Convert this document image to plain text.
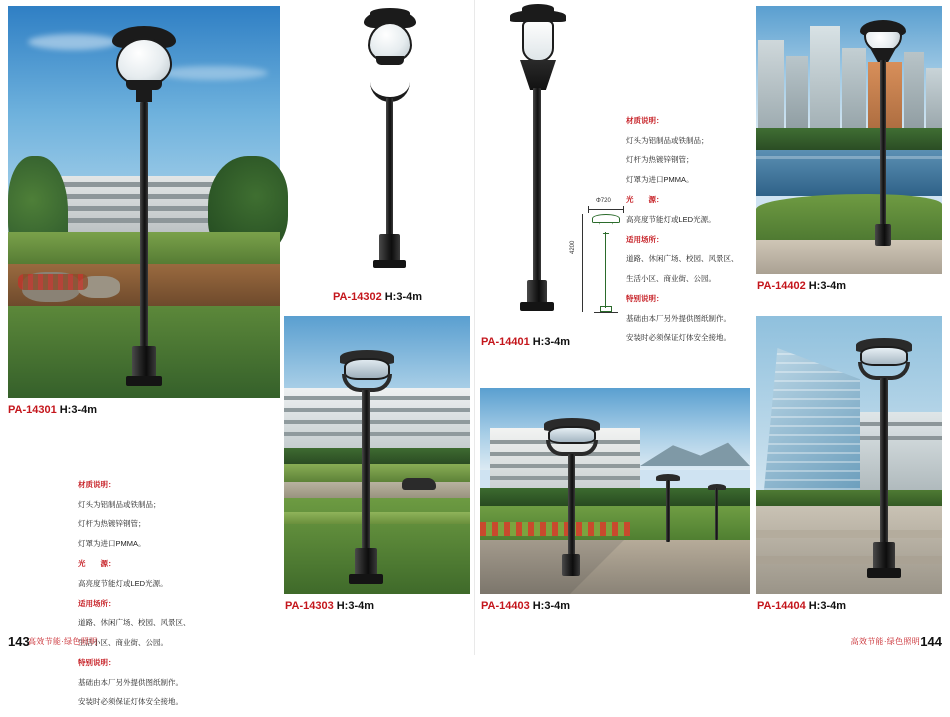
PA-14301 H:3-4m

材质说明：

灯头为铝制品或铁制品；

灯杆为热镀锌钢管；

灯罩为进口PMMA。

光　　源：

高亮度节能灯或LED光源。

适用场所：

道路、休闲广场、校园、风景区、

生活小区、商业街、公园。

特别说明：

基础由本厂另外提供图纸制作。

安装时必须保证灯体安全接地。

PA-14302 H:3-4m
PA-14401 H:3-4m
Φ720
4200

材质说明：

灯头为铝制品或铁制品；

灯杆为热镀锌钢管；

灯罩为进口PMMA。

光　　源：

高亮度节能灯或LED光源。

适用场所：

道路、休闲广场、校园、风景区、

生活小区、商业街、公园。

特别说明：

基础由本厂另外提供图纸制作。

安装时必须保证灯体安全接地。

PA-14402 H:3-4m
PA-14303 H:3-4m	PA-14403 H:3-4m	PA-14404 H:3-4m
143
高效节能·绿色照明	144
高效节能·绿色照明
